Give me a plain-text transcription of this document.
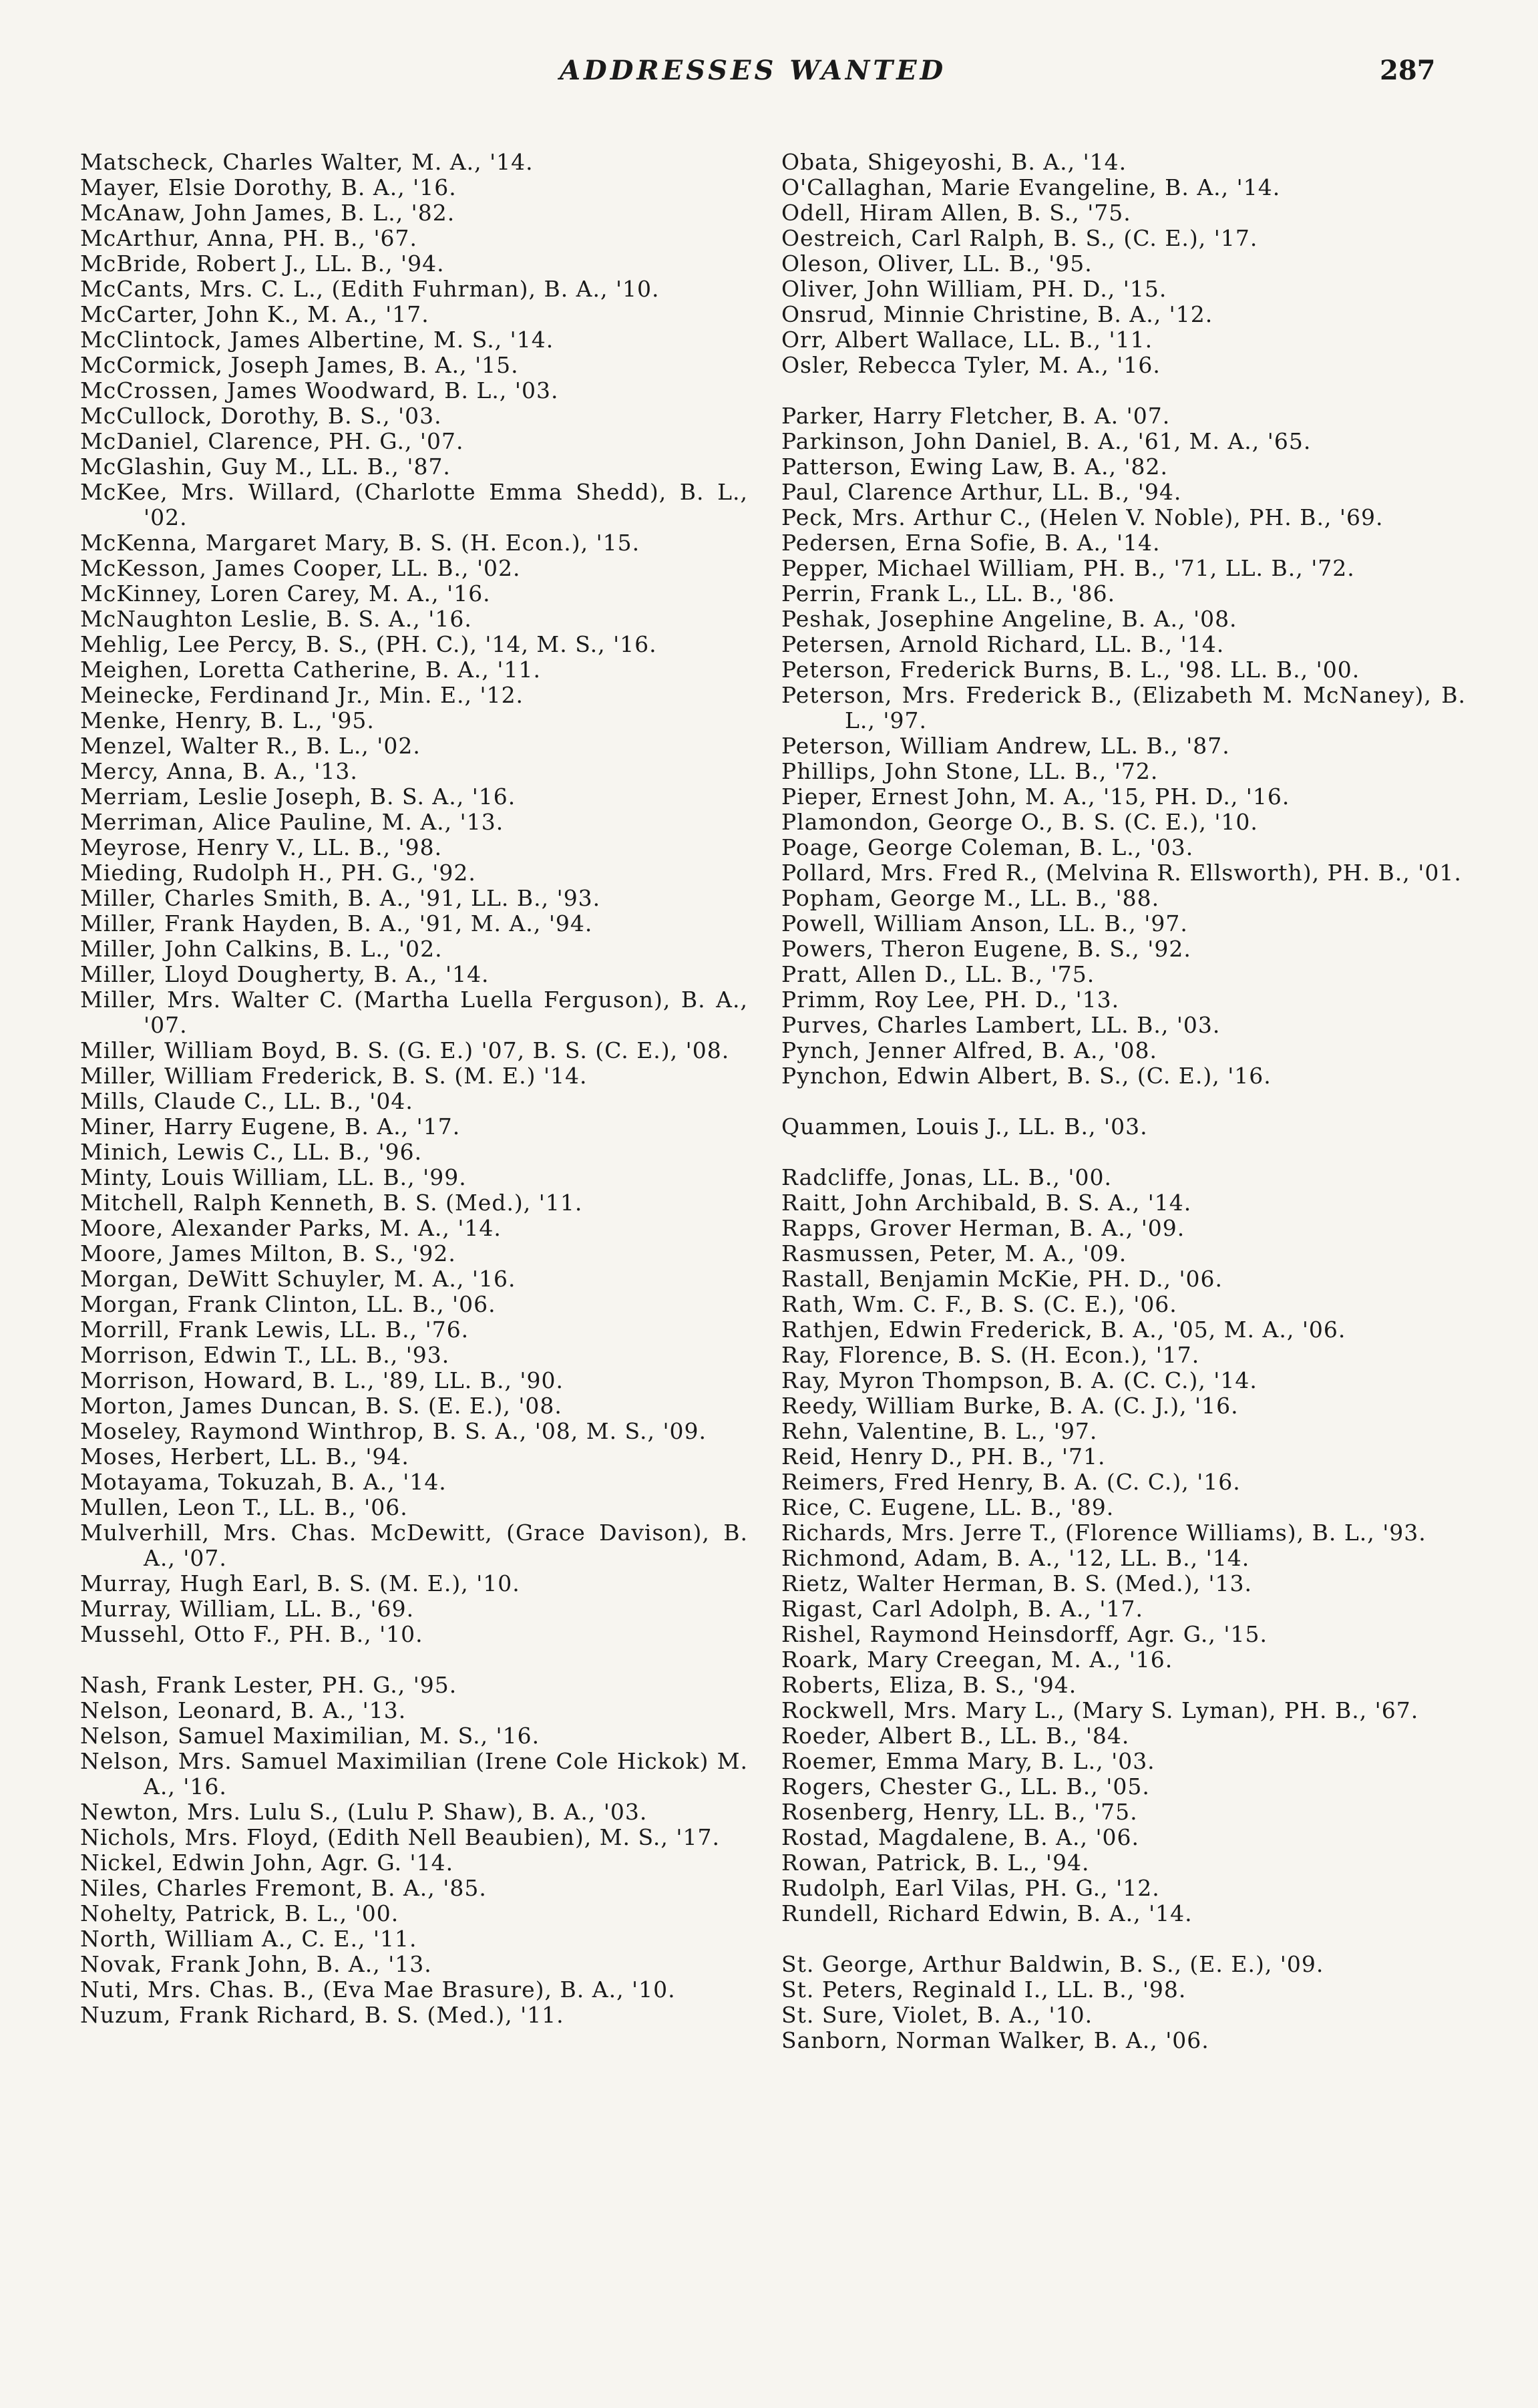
ADDRESSES WANTED	287
Matscheck, Charles Walter, M. A., '14.
Mayer, Elsie Dorothy, B. A., '16.
McAnaw, John James, B. L., '82.
McArthur, Anna, PH. B., '67.
McBride, Robert J., LL. B., '94.
McCants, Mrs. C. L., (Edith Fuhrman), B. A., '10.
McCarter, John K., M. A., '17.
McClintock, James Albertine, M. S., '14.
McCormick, Joseph James, B. A., '15.
McCrossen, James Woodward, B. L., '03.
McCullock, Dorothy, B. S., '03.
McDaniel, Clarence, PH. G., '07.
McGlashin, Guy M., LL. B., '87.
McKee, Mrs. Willard, (Charlotte Emma Shedd), B. L., '02.
McKenna, Margaret Mary, B. S. (H. Econ.), '15.
McKesson, James Cooper, LL. B., '02.
McKinney, Loren Carey, M. A., '16.
McNaughton Leslie, B. S. A., '16.
Mehlig, Lee Percy, B. S., (PH. C.), '14, M. S., '16.
Meighen, Loretta Catherine, B. A., '11.
Meinecke, Ferdinand Jr., Min. E., '12.
Menke, Henry, B. L., '95.
Menzel, Walter R., B. L., '02.
Mercy, Anna, B. A., '13.
Merriam, Leslie Joseph, B. S. A., '16.
Merriman, Alice Pauline, M. A., '13.
Meyrose, Henry V., LL. B., '98.
Mieding, Rudolph H., PH. G., '92.
Miller, Charles Smith, B. A., '91, LL. B., '93.
Miller, Frank Hayden, B. A., '91, M. A., '94.
Miller, John Calkins, B. L., '02.
Miller, Lloyd Dougherty, B. A., '14.
Miller, Mrs. Walter C. (Martha Luella Ferguson), B. A., '07.
Miller, William Boyd, B. S. (G. E.) '07, B. S. (C. E.), '08.
Miller, William Frederick, B. S. (M. E.) '14.
Mills, Claude C., LL. B., '04.
Miner, Harry Eugene, B. A., '17.
Minich, Lewis C., LL. B., '96.
Minty, Louis William, LL. B., '99.
Mitchell, Ralph Kenneth, B. S. (Med.), '11.
Moore, Alexander Parks, M. A., '14.
Moore, James Milton, B. S., '92.
Morgan, DeWitt Schuyler, M. A., '16.
Morgan, Frank Clinton, LL. B., '06.
Morrill, Frank Lewis, LL. B., '76.
Morrison, Edwin T., LL. B., '93.
Morrison, Howard, B. L., '89, LL. B., '90.
Morton, James Duncan, B. S. (E. E.), '08.
Moseley, Raymond Winthrop, B. S. A., '08, M. S., '09.
Moses, Herbert, LL. B., '94.
Motayama, Tokuzah, B. A., '14.
Mullen, Leon T., LL. B., '06.
Mulverhill, Mrs. Chas. McDewitt, (Grace Davison), B. A., '07.
Murray, Hugh Earl, B. S. (M. E.), '10.
Murray, William, LL. B., '69.
Mussehl, Otto F., PH. B., '10.
Nash, Frank Lester, PH. G., '95.
Nelson, Leonard, B. A., '13.
Nelson, Samuel Maximilian, M. S., '16.
Nelson, Mrs. Samuel Maximilian (Irene Cole Hickok) M. A., '16.
Newton, Mrs. Lulu S., (Lulu P. Shaw), B. A., '03.
Nichols, Mrs. Floyd, (Edith Nell Beaubien), M. S., '17.
Nickel, Edwin John, Agr. G. '14.
Niles, Charles Fremont, B. A., '85.
Nohelty, Patrick, B. L., '00.
North, William A., C. E., '11.
Novak, Frank John, B. A., '13.
Nuti, Mrs. Chas. B., (Eva Mae Brasure), B. A., '10.
Nuzum, Frank Richard, B. S. (Med.), '11.
Obata, Shigeyoshi, B. A., '14.
O'Callaghan, Marie Evangeline, B. A., '14.
Odell, Hiram Allen, B. S., '75.
Oestreich, Carl Ralph, B. S., (C. E.), '17.
Oleson, Oliver, LL. B., '95.
Oliver, John William, PH. D., '15.
Onsrud, Minnie Christine, B. A., '12.
Orr, Albert Wallace, LL. B., '11.
Osler, Rebecca Tyler, M. A., '16.
Parker, Harry Fletcher, B. A. '07.
Parkinson, John Daniel, B. A., '61, M. A., '65.
Patterson, Ewing Law, B. A., '82.
Paul, Clarence Arthur, LL. B., '94.
Peck, Mrs. Arthur C., (Helen V. Noble), PH. B., '69.
Pedersen, Erna Sofie, B. A., '14.
Pepper, Michael William, PH. B., '71, LL. B., '72.
Perrin, Frank L., LL. B., '86.
Peshak, Josephine Angeline, B. A., '08.
Petersen, Arnold Richard, LL. B., '14.
Peterson, Frederick Burns, B. L., '98. LL. B., '00.
Peterson, Mrs. Frederick B., (Elizabeth M. McNaney), B. L., '97.
Peterson, William Andrew, LL. B., '87.
Phillips, John Stone, LL. B., '72.
Pieper, Ernest John, M. A., '15, PH. D., '16.
Plamondon, George O., B. S. (C. E.), '10.
Poage, George Coleman, B. L., '03.
Pollard, Mrs. Fred R., (Melvina R. Ellsworth), PH. B., '01.
Popham, George M., LL. B., '88.
Powell, William Anson, LL. B., '97.
Powers, Theron Eugene, B. S., '92.
Pratt, Allen D., LL. B., '75.
Primm, Roy Lee, PH. D., '13.
Purves, Charles Lambert, LL. B., '03.
Pynch, Jenner Alfred, B. A., '08.
Pynchon, Edwin Albert, B. S., (C. E.), '16.
Quammen, Louis J., LL. B., '03.
Radcliffe, Jonas, LL. B., '00.
Raitt, John Archibald, B. S. A., '14.
Rapps, Grover Herman, B. A., '09.
Rasmussen, Peter, M. A., '09.
Rastall, Benjamin McKie, PH. D., '06.
Rath, Wm. C. F., B. S. (C. E.), '06.
Rathjen, Edwin Frederick, B. A., '05, M. A., '06.
Ray, Florence, B. S. (H. Econ.), '17.
Ray, Myron Thompson, B. A. (C. C.), '14.
Reedy, William Burke, B. A. (C. J.), '16.
Rehn, Valentine, B. L., '97.
Reid, Henry D., PH. B., '71.
Reimers, Fred Henry, B. A. (C. C.), '16.
Rice, C. Eugene, LL. B., '89.
Richards, Mrs. Jerre T., (Florence Williams), B. L., '93.
Richmond, Adam, B. A., '12, LL. B., '14.
Rietz, Walter Herman, B. S. (Med.), '13.
Rigast, Carl Adolph, B. A., '17.
Rishel, Raymond Heinsdorff, Agr. G., '15.
Roark, Mary Creegan, M. A., '16.
Roberts, Eliza, B. S., '94.
Rockwell, Mrs. Mary L., (Mary S. Lyman), PH. B., '67.
Roeder, Albert B., LL. B., '84.
Roemer, Emma Mary, B. L., '03.
Rogers, Chester G., LL. B., '05.
Rosenberg, Henry, LL. B., '75.
Rostad, Magdalene, B. A., '06.
Rowan, Patrick, B. L., '94.
Rudolph, Earl Vilas, PH. G., '12.
Rundell, Richard Edwin, B. A., '14.
St. George, Arthur Baldwin, B. S., (E. E.), '09.
St. Peters, Reginald I., LL. B., '98.
St. Sure, Violet, B. A., '10.
Sanborn, Norman Walker, B. A., '06.
